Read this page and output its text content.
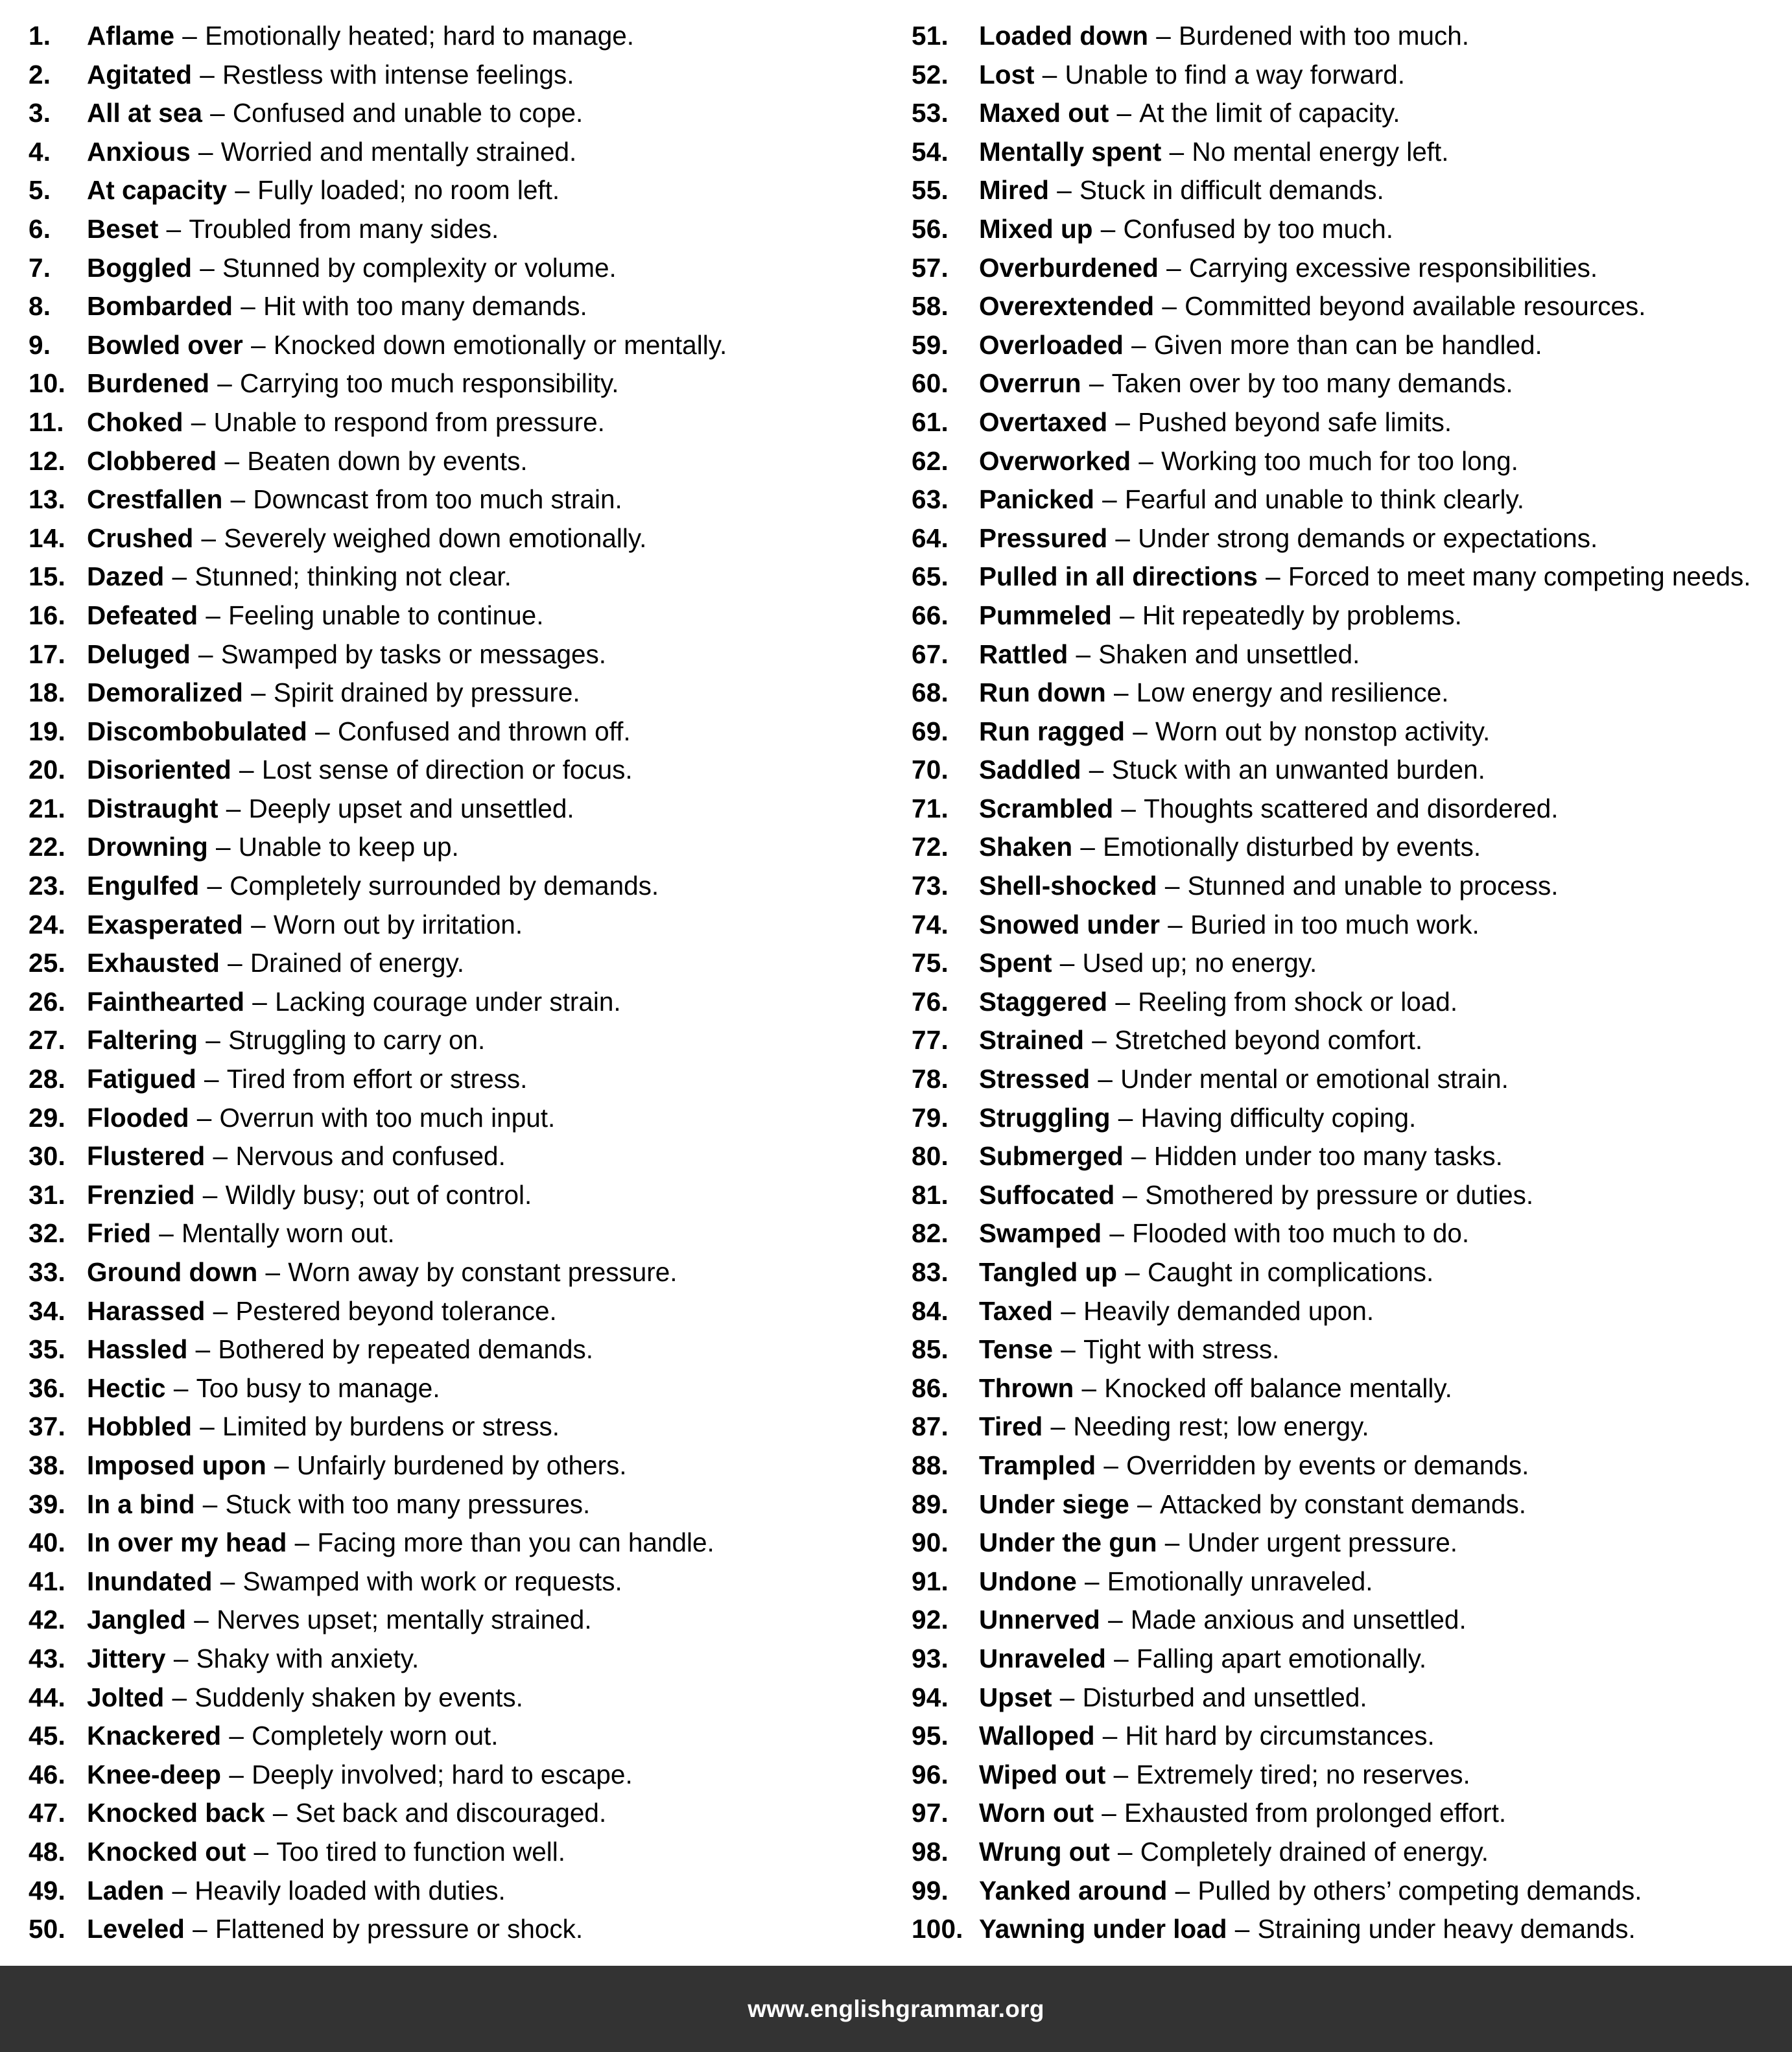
1.	Aflame – Emotionally heated; hard to manage.
2.	Agitated – Restless with intense feelings.
3.	All at sea – Confused and unable to cope.
4.	Anxious – Worried and mentally strained.
5.	At capacity – Fully loaded; no room left.
6.	Beset – Troubled from many sides.
7.	Boggled – Stunned by complexity or volume.
8.	Bombarded – Hit with too many demands.
9.	Bowled over – Knocked down emotionally or mentally.
10. Burdened – Carrying too much responsibility.
11. Choked – Unable to respond from pressure.
12. Clobbered – Beaten down by events.
13. Crestfallen – Downcast from too much strain.
14. Crushed – Severely weighed down emotionally.
15. Dazed – Stunned; thinking not clear.
16. Defeated – Feeling unable to continue.
17. Deluged – Swamped by tasks or messages.
18. Demoralized – Spirit drained by pressure.
19. Discombobulated – Confused and thrown off.
20. Disoriented – Lost sense of direction or focus.
21. Distraught – Deeply upset and unsettled.
22. Drowning – Unable to keep up.
23. Engulfed – Completely surrounded by demands.
24. Exasperated – Worn out by irritation.
25. Exhausted – Drained of energy.
26. Fainthearted – Lacking courage under strain.
27. Faltering – Struggling to carry on.
28. Fatigued – Tired from effort or stress.
29. Flooded – Overrun with too much input.
30. Flustered – Nervous and confused.
31. Frenzied – Wildly busy; out of control.
32. Fried – Mentally worn out.
33. Ground down – Worn away by constant pressure.
34. Harassed – Pestered beyond tolerance.
35. Hassled – Bothered by repeated demands.
36. Hectic – Too busy to manage.
37. Hobbled – Limited by burdens or stress.
38. Imposed upon – Unfairly burdened by others.
39. In a bind – Stuck with too many pressures.
40. In over my head – Facing more than you can handle.
41. Inundated – Swamped with work or requests.
42. Jangled – Nerves upset; mentally strained.
43. Jittery – Shaky with anxiety.
44. Jolted – Suddenly shaken by events.
45. Knackered – Completely worn out.
46. Knee-deep – Deeply involved; hard to escape.
47. Knocked back – Set back and discouraged.
48. Knocked out – Too tired to function well.
49. Laden – Heavily loaded with duties.
50. Leveled – Flattened by pressure or shock.
51.	Loaded down – Burdened with too much.
52.	Lost – Unable to find a way forward.
53.	Maxed out – At the limit of capacity.
54.	Mentally spent – No mental energy left.
55.	Mired – Stuck in difficult demands.
56.	Mixed up – Confused by too much.
57.	Overburdened – Carrying excessive responsibilities.
58.	Overextended – Committed beyond available resources.
59.	Overloaded – Given more than can be handled.
60.	Overrun – Taken over by too many demands.
61.	Overtaxed – Pushed beyond safe limits.
62.	Overworked – Working too much for too long.
63.	Panicked – Fearful and unable to think clearly.
64.	Pressured – Under strong demands or expectations.
65.	Pulled in all directions – Forced to meet many competing needs.
66.	Pummeled – Hit repeatedly by problems.
67.	Rattled – Shaken and unsettled.
68.	Run down – Low energy and resilience.
69.	Run ragged – Worn out by nonstop activity.
70.	Saddled – Stuck with an unwanted burden.
71.	Scrambled – Thoughts scattered and disordered.
72.	Shaken – Emotionally disturbed by events.
73.	Shell-shocked – Stunned and unable to process.
74.	Snowed under – Buried in too much work.
75.	Spent – Used up; no energy.
76.	Staggered – Reeling from shock or load.
77.	Strained – Stretched beyond comfort.
78.	Stressed – Under mental or emotional strain.
79.	Struggling – Having difficulty coping.
80.	Submerged – Hidden under too many tasks.
81.	Suffocated – Smothered by pressure or duties.
82.	Swamped – Flooded with too much to do.
83.	Tangled up – Caught in complications.
84.	Taxed – Heavily demanded upon.
85.	Tense – Tight with stress.
86.	Thrown – Knocked off balance mentally.
87.	Tired – Needing rest; low energy.
88.	Trampled – Overridden by events or demands.
89.	Under siege – Attacked by constant demands.
90.	Under the gun – Under urgent pressure.
91.	Undone – Emotionally unraveled.
92.	Unnerved – Made anxious and unsettled.
93.	Unraveled – Falling apart emotionally.
94.	Upset – Disturbed and unsettled.
95.	Walloped – Hit hard by circumstances.
96.	Wiped out – Extremely tired; no reserves.
97.	Worn out – Exhausted from prolonged effort.
98.	Wrung out – Completely drained of energy.
99.	Yanked around – Pulled by others’ competing demands.
100. Yawning under load – Straining under heavy demands.
www.englishgrammar.org
